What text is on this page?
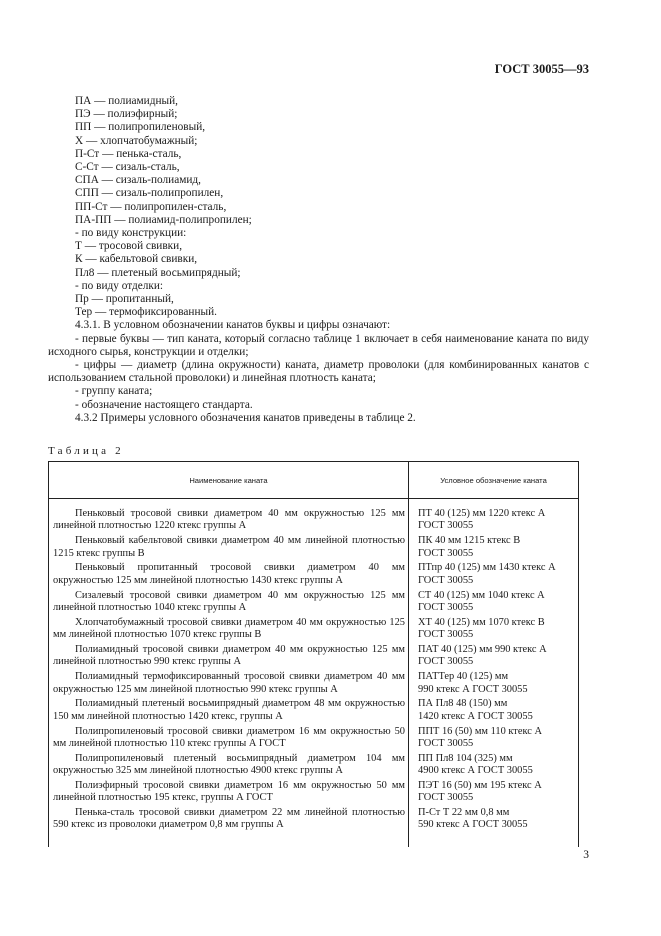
ГОСТ 30055—93
ПА — полиамидный,
ПЭ — полиэфирный;
ПП — полипропиленовый,
Х — хлопчатобумажный;
П-Ст — пенька-сталь,
С-Ст — сизаль-сталь,
СПА — сизаль-полиамид,
СПП — сизаль-полипропилен,
ПП-Ст — полипропилен-сталь,
ПА-ПП — полиамид-полипропилен;
- по виду конструкции:
Т — тросовой свивки,
К — кабельтовой свивки,
Пл8 — плетеный восьмипрядный;
- по виду отделки:
Пр — пропитанный,
Тер — термофиксированный.
4.3.1. В условном обозначении канатов буквы и цифры означают:
- первые буквы — тип каната, который согласно таблице 1 включает в себя наименование каната по виду исходного сырья, конструкции и отделки;
- цифры — диаметр (длина окружности) каната, диаметр проволоки (для комбинированных канатов с использованием стальной проволоки) и линейная плотность каната;
- группу каната;
- обозначение настоящего стандарта.
4.3.2 Примеры условного обозначения канатов приведены в таблице 2.
Таблица 2
Наименование каната	Условное обозначение каната
Пеньковый тросовой свивки диаметром 40 мм окружностью 125 мм линейной плотностью 1220 ктекс группы А
ПТ 40 (125) мм 1220 ктекс А
ГОСТ 30055
Пеньковый кабельтовой свивки диаметром 40 мм линейной плотностью 1215 ктекс группы В
ПК 40 мм 1215 ктекс В
ГОСТ 30055
Пеньковый пропитанный тросовой свивки диаметром 40 мм окружностью 125 мм линейной плотностью 1430 ктекс группы А
ПТпр 40 (125) мм 1430 ктекс А
ГОСТ 30055
Сизалевый тросовой свивки диаметром 40 мм окружностью 125 мм линейной плотностью 1040 ктекс группы А
СТ 40 (125) мм 1040 ктекс А
ГОСТ 30055
Хлопчатобумажный тросовой свивки диаметром 40 мм окружностью 125 мм линейной плотностью 1070 ктекс группы В
ХТ 40 (125) мм 1070 ктекс В
ГОСТ 30055
Полиамидный тросовой свивки диаметром 40 мм окружностью 125 мм линейной плотностью 990 ктекс группы А
ПАТ 40 (125) мм 990 ктекс А
ГОСТ 30055
Полиамидный термофиксированный тросовой свивки диаметром 40 мм окружностью 125 мм линейной плотностью 990 ктекс группы А
ПАТТер 40 (125) мм
990 ктекс А ГОСТ 30055
Полиамидный плетеный восьмипрядный диаметром 48 мм окружностью 150 мм линейной плотностью 1420 ктекс, группы А
ПА Пл8 48 (150) мм
1420 ктекс А ГОСТ 30055
Полипропиленовый тросовой свивки диаметром 16 мм окружностью 50 мм линейной плотностью 110 ктекс группы А ГОСТ
ППТ 16 (50) мм 110 ктекс А
ГОСТ 30055
Полипропиленовый плетеный восьмипрядный диаметром 104 мм окружностью 325 мм линейной плотностью 4900 ктекс группы А
ПП Пл8 104 (325) мм
4900 ктекс А ГОСТ 30055
Полиэфирный тросовой свивки диаметром 16 мм окружностью 50 мм линейной плотностью 195 ктекс, группы А ГОСТ
ПЭТ 16 (50) мм 195 ктекс А
ГОСТ 30055
Пенька-сталь тросовой свивки диаметром 22 мм линейной плотностью 590 ктекс из проволоки диаметром 0,8 мм группы А
П-Ст Т 22 мм 0,8 мм
590 ктекс А ГОСТ 30055
3
